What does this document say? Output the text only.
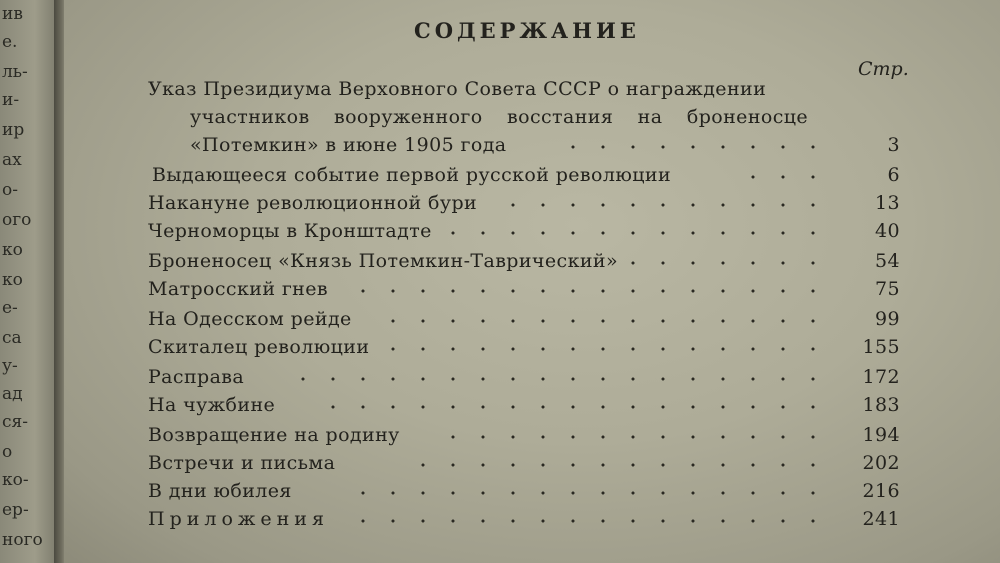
ив
е.
ль-
и-
ир
ах
о-
ого
ко
ко
е-
са
у-
ад
ся-
о
ко-
ер-
ного
СОДЕРЖАНИЕ
Стр.
Указ Президиума Верховного Совета СССР о награждении
участников вооруженного восстания на броненосце
«Потемкин» в июне 1905 года	3
Выдающееся событие первой русской революции	6
Накануне революционной бури	13
Черноморцы в Кронштадте	40
Броненосец «Князь Потемкин-Таврический»	54
Матросский гнев	75
На Одесском рейде	99
Скиталец революции	155
Расправа	172
На чужбине	183
Возвращение на родину	194
Встречи и письма	202
В дни юбилея	216
Приложения	241
